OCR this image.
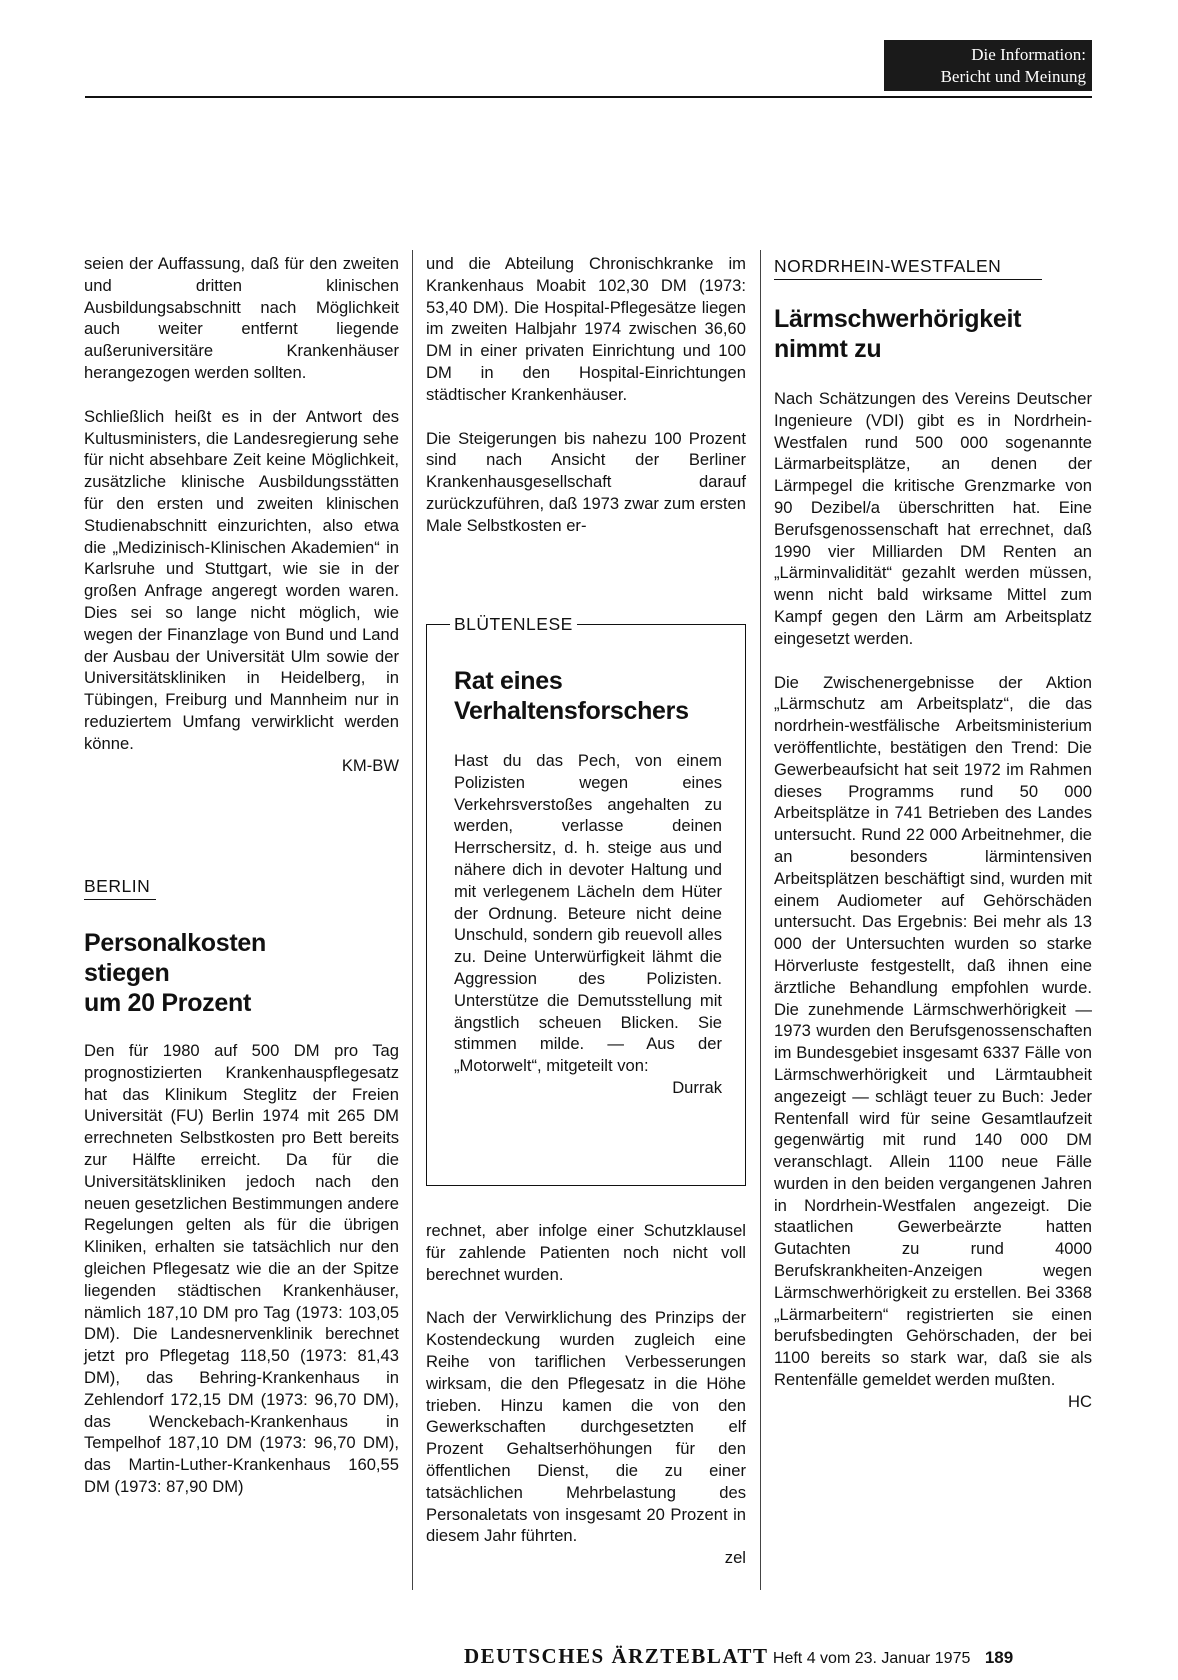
Die Information:
Bericht und Meinung

seien der Auffassung, daß für den zweiten und dritten klinischen Ausbildungsabschnitt nach Möglichkeit auch weiter entfernt liegende außeruniversitäre Krankenhäuser herangezogen werden sollten.

Schließlich heißt es in der Antwort des Kultusministers, die Landesregierung sehe für nicht absehbare Zeit keine Möglichkeit, zusätzliche klinische Ausbildungsstätten für den ersten und zweiten klinischen Studienabschnitt einzurichten, also etwa die „Medizinisch-Klinischen Akademien“ in Karlsruhe und Stuttgart, wie sie in der großen Anfrage angeregt worden waren. Dies sei so lange nicht möglich, wie wegen der Finanzlage von Bund und Land der Ausbau der Universität Ulm sowie der Universitätskliniken in Heidelberg, in Tübingen, Freiburg und Mannheim nur in reduziertem Umfang verwirklicht werden könne.

KM-BW
BERLIN

Personalkosten

stiegen

um 20 Prozent

Den für 1980 auf 500 DM pro Tag prognostizierten Krankenhauspflegesatz hat das Klinikum Steglitz der Freien Universität (FU) Berlin 1974 mit 265 DM errechneten Selbstkosten pro Bett bereits zur Hälfte erreicht. Da für die Universitätskliniken jedoch nach den neuen gesetzlichen Bestimmungen andere Regelungen gelten als für die übrigen Kliniken, erhalten sie tatsächlich nur den gleichen Pflegesatz wie die an der Spitze liegenden städtischen Krankenhäuser, nämlich 187,10 DM pro Tag (1973: 103,05 DM). Die Landesnervenklinik berechnet jetzt pro Pflegetag 118,50 (1973: 81,43 DM), das Behring-Krankenhaus in Zehlendorf 172,15 DM (1973: 96,70 DM), das Wenckebach-Krankenhaus in Tempelhof 187,10 DM (1973: 96,70 DM), das Martin-Luther-Krankenhaus 160,55 DM (1973: 87,90 DM)

und die Abteilung Chronischkranke im Krankenhaus Moabit 102,30 DM (1973: 53,40 DM). Die Hospital-Pflegesätze liegen im zweiten Halbjahr 1974 zwischen 36,60 DM in einer privaten Einrichtung und 100 DM in den Hospital-Einrichtungen städtischer Krankenhäuser.

Die Steigerungen bis nahezu 100 Prozent sind nach Ansicht der Berliner Krankenhausgesellschaft darauf zurückzuführen, daß 1973 zwar zum ersten Male Selbstkosten er-

BLÜTENLESE

Rat eines

Verhaltensforschers

Hast du das Pech, von einem Polizisten wegen eines Verkehrsverstoßes angehalten zu werden, verlasse deinen Herrschersitz, d. h. steige aus und nähere dich in devoter Haltung und mit verlegenem Lächeln dem Hüter der Ordnung. Beteure nicht deine Unschuld, sondern gib reuevoll alles zu. Deine Unterwürfigkeit lähmt die Aggression des Polizisten. Unterstütze die Demutsstellung mit ängstlich scheuen Blicken. Sie stimmen milde. — Aus der „Motorwelt“, mitgeteilt von:

Durrak

rechnet, aber infolge einer Schutzklausel für zahlende Patienten noch nicht voll berechnet wurden.

Nach der Verwirklichung des Prinzips der Kostendeckung wurden zugleich eine Reihe von tariflichen Verbesserungen wirksam, die den Pflegesatz in die Höhe trieben. Hinzu kamen die von den Gewerkschaften durchgesetzten elf Prozent Gehaltserhöhungen für den öffentlichen Dienst, die zu einer tatsächlichen Mehrbelastung des Personaletats von insgesamt 20 Prozent in diesem Jahr führten.

zel
NORDRHEIN-WESTFALEN

Lärmschwerhörigkeit

nimmt zu

Nach Schätzungen des Vereins Deutscher Ingenieure (VDI) gibt es in Nordrhein-Westfalen rund 500 000 sogenannte Lärmarbeitsplätze, an denen der Lärmpegel die kritische Grenzmarke von 90 Dezibel/a überschritten hat. Eine Berufsgenossenschaft hat errechnet, daß 1990 vier Milliarden DM Renten an „Lärminvalidität“ gezahlt werden müssen, wenn nicht bald wirksame Mittel zum Kampf gegen den Lärm am Arbeitsplatz eingesetzt werden.

Die Zwischenergebnisse der Aktion „Lärmschutz am Arbeitsplatz“, die das nordrhein-westfälische Arbeitsministerium veröffentlichte, bestätigen den Trend: Die Gewerbeaufsicht hat seit 1972 im Rahmen dieses Programms rund 50 000 Arbeitsplätze in 741 Betrieben des Landes untersucht. Rund 22 000 Arbeitnehmer, die an besonders lärmintensiven Arbeitsplätzen beschäftigt sind, wurden mit einem Audiometer auf Gehörschäden untersucht. Das Ergebnis: Bei mehr als 13 000 der Untersuchten wurden so starke Hörverluste festgestellt, daß ihnen eine ärztliche Behandlung empfohlen wurde. Die zunehmende Lärmschwerhörigkeit — 1973 wurden den Berufsgenossenschaften im Bundesgebiet insgesamt 6337 Fälle von Lärmschwerhörigkeit und Lärmtaubheit angezeigt — schlägt teuer zu Buch: Jeder Rentenfall wird für seine Gesamtlaufzeit gegenwärtig mit rund 140 000 DM veranschlagt. Allein 1100 neue Fälle wurden in den beiden vergangenen Jahren in Nordrhein-Westfalen angezeigt. Die staatlichen Gewerbeärzte hatten Gutachten zu rund 4000 Berufskrankheiten-Anzeigen wegen Lärmschwerhörigkeit zu erstellen. Bei 3368 „Lärmarbeitern“ registrierten sie einen berufsbedingten Gehörschaden, der bei 1100 bereits so stark war, daß sie als Rentenfälle gemeldet werden mußten.

HC
DEUTSCHES ÄRZTEBLATT Heft 4 vom 23. Januar 1975 189
